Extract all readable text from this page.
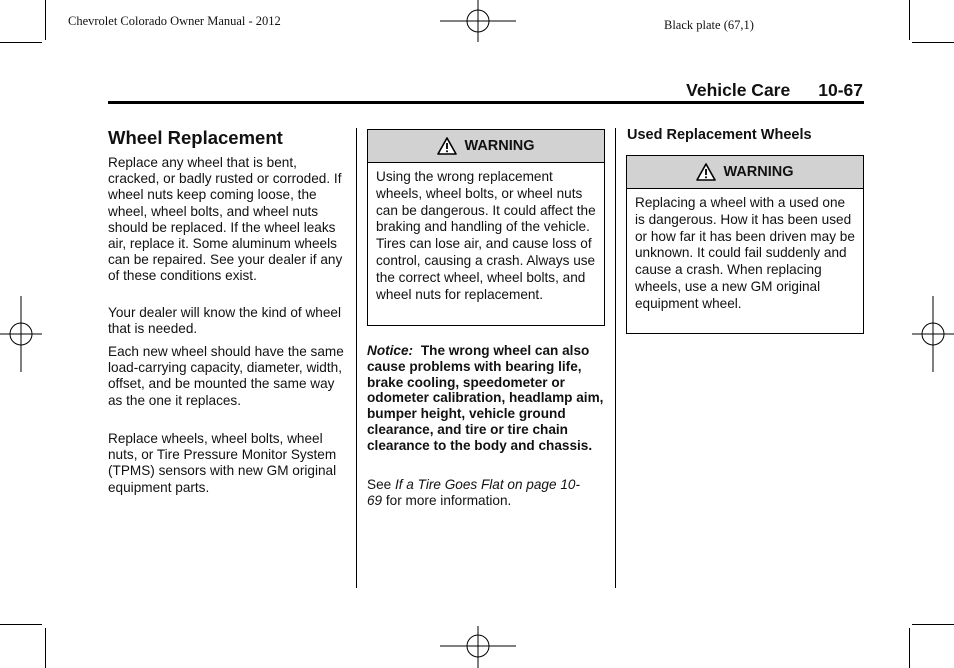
Chevrolet Colorado Owner Manual - 2012	Black plate (67,1)
Vehicle Care 10-67
Wheel Replacement
Replace any wheel that is bent, cracked, or badly rusted or corroded. If wheel nuts keep coming loose, the wheel, wheel bolts, and wheel nuts should be replaced. If the wheel leaks air, replace it. Some aluminum wheels can be repaired. See your dealer if any of these conditions exist.
Your dealer will know the kind of wheel that is needed.
Each new wheel should have the same load-carrying capacity, diameter, width, offset, and be mounted the same way as the one it replaces.
Replace wheels, wheel bolts, wheel nuts, or Tire Pressure Monitor System (TPMS) sensors with new GM original equipment parts.
WARNING
Using the wrong replacement wheels, wheel bolts, or wheel nuts can be dangerous. It could affect the braking and handling of the vehicle. Tires can lose air, and cause loss of control, causing a crash. Always use the correct wheel, wheel bolts, and wheel nuts for replacement.
Notice: The wrong wheel can also cause problems with bearing life, brake cooling, speedometer or odometer calibration, headlamp aim, bumper height, vehicle ground clearance, and tire or tire chain clearance to the body and chassis.
See If a Tire Goes Flat on page 10-69 for more information.
Used Replacement Wheels
WARNING
Replacing a wheel with a used one is dangerous. How it has been used or how far it has been driven may be unknown. It could fail suddenly and cause a crash. When replacing wheels, use a new GM original equipment wheel.
